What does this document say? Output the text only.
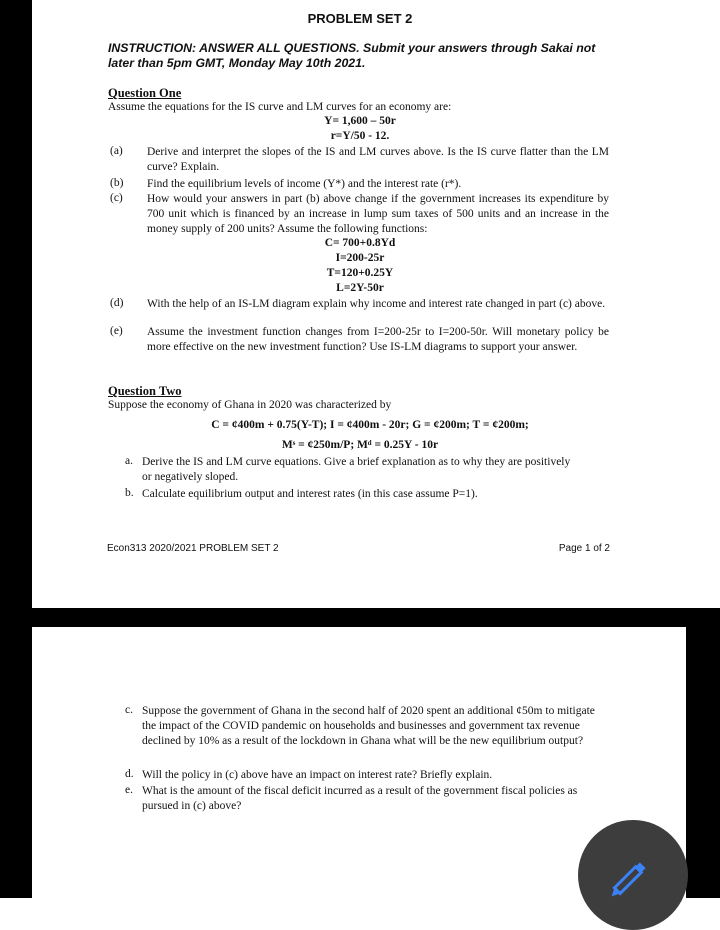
PROBLEM SET 2
INSTRUCTION: ANSWER ALL QUESTIONS. Submit your answers through Sakai not later than 5pm GMT, Monday May 10th 2021.
Question One
Assume the equations for the IS curve and LM curves for an economy are:
Y= 1,600 – 50r
r=Y/50 - 12.
(a) Derive and interpret the slopes of the IS and LM curves above. Is the IS curve flatter than the LM curve? Explain.
(b) Find the equilibrium levels of income (Y*) and the interest rate (r*).
(c) How would your answers in part (b) above change if the government increases its expenditure by 700 unit which is financed by an increase in lump sum taxes of 500 units and an increase in the money supply of 200 units? Assume the following functions:
C= 700+0.8Yd
I=200-25r
T=120+0.25Y
L=2Y-50r
(d) With the help of an IS-LM diagram explain why income and interest rate changed in part (c) above.
(e) Assume the investment function changes from I=200-25r to I=200-50r. Will monetary policy be more effective on the new investment function? Use IS-LM diagrams to support your answer.
Question Two
Suppose the economy of Ghana in 2020 was characterized by
C = ¢400m + 0.75(Y-T); I = ¢400m - 20r; G = ¢200m; T = ¢200m;
Mˢ = ¢250m/P; Mᵈ = 0.25Y - 10r
a. Derive the IS and LM curve equations. Give a brief explanation as to why they are positively or negatively sloped.
b. Calculate equilibrium output and interest rates (in this case assume P=1).
Econ313 2020/2021 PROBLEM SET 2	Page 1 of 2
c. Suppose the government of Ghana in the second half of 2020 spent an additional ¢50m to mitigate the impact of the COVID pandemic on households and businesses and government tax revenue declined by 10% as a result of the lockdown in Ghana what will be the new equilibrium output?
d. Will the policy in (c) above have an impact on interest rate? Briefly explain.
e. What is the amount of the fiscal deficit incurred as a result of the government fiscal policies as pursued in (c) above?
